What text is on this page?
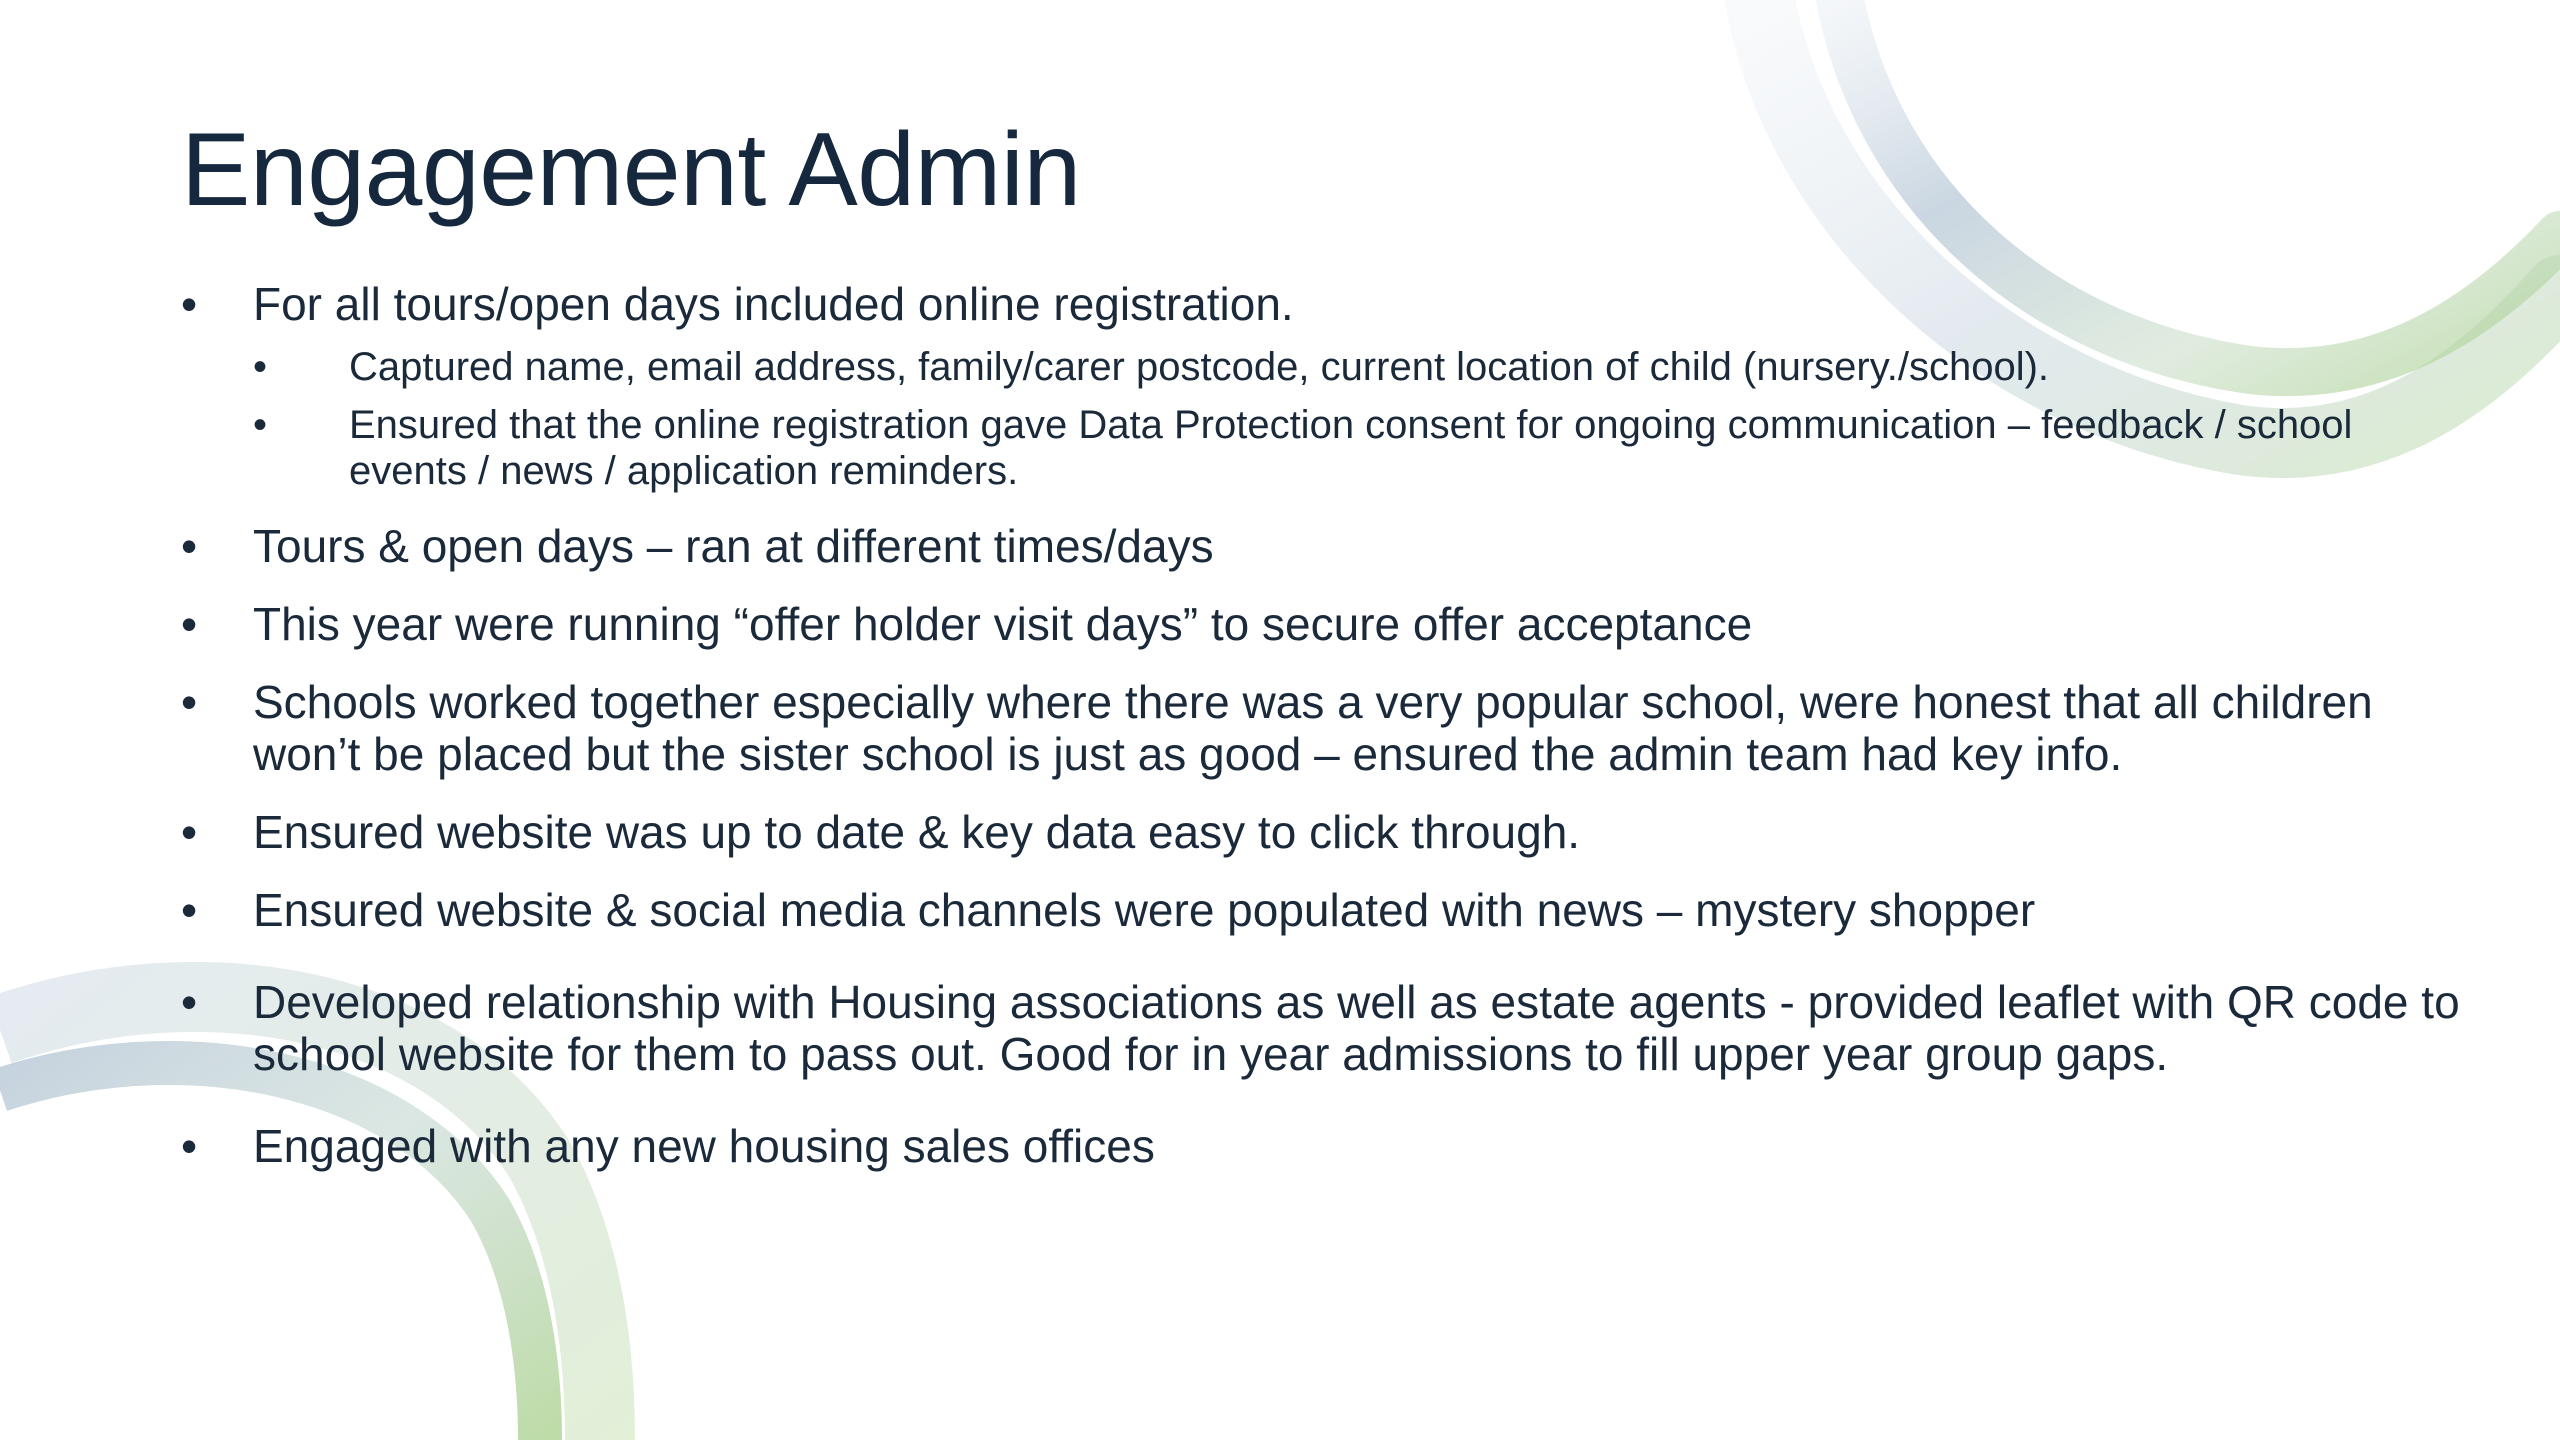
Engagement Admin
• For all tours/open days included online registration.
• Captured name, email address, family/carer postcode, current location of child (nursery./school).
• Ensured that the online registration gave Data Protection consent for ongoing communication – feedback / school events / news / application reminders.
• Tours & open days – ran at different times/days
• This year were running “offer holder visit days” to secure offer acceptance
• Schools worked together especially where there was a very popular school, were honest that all children won’t be placed but the sister school is just as good – ensured the admin team had key info.
• Ensured website was up to date & key data easy to click through.
• Ensured website & social media channels were populated with news – mystery shopper
• Developed relationship with Housing associations as well as estate agents - provided leaflet with QR code to school website for them to pass out. Good for in year admissions to fill upper year group gaps.
• Engaged with any new housing sales offices
